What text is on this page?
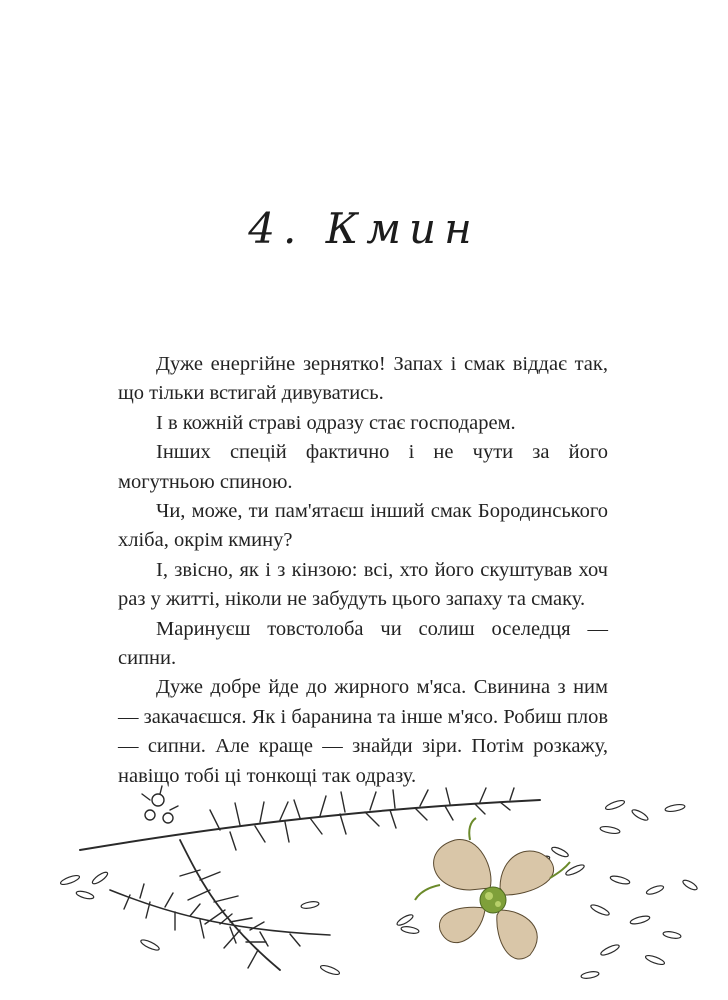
4. Кмин

Дуже енергійне зернятко! Запах і смак віддає так, що тільки встигай дивуватись.

І в кожній страві одразу стає господарем.

Інших спецій фактично і не чути за його могутньою спиною.

Чи, може, ти пам'ятаєш інший смак Бородинського хліба, окрім кмину?

І, звісно, як і з кінзою: всі, хто його скуштував хоч раз у житті, ніколи не забудуть цього запаху та смаку.

Маринуєш товстолоба чи солиш оселедця — сипни.

Дуже добре йде до жирного м'яса. Свинина з ним — закачаєшся. Як і баранина та інше м'ясо. Робиш плов — сипни. Але краще — знайди зіри. Потім розкажу, навіщо тобі ці тонкощі так одразу.
